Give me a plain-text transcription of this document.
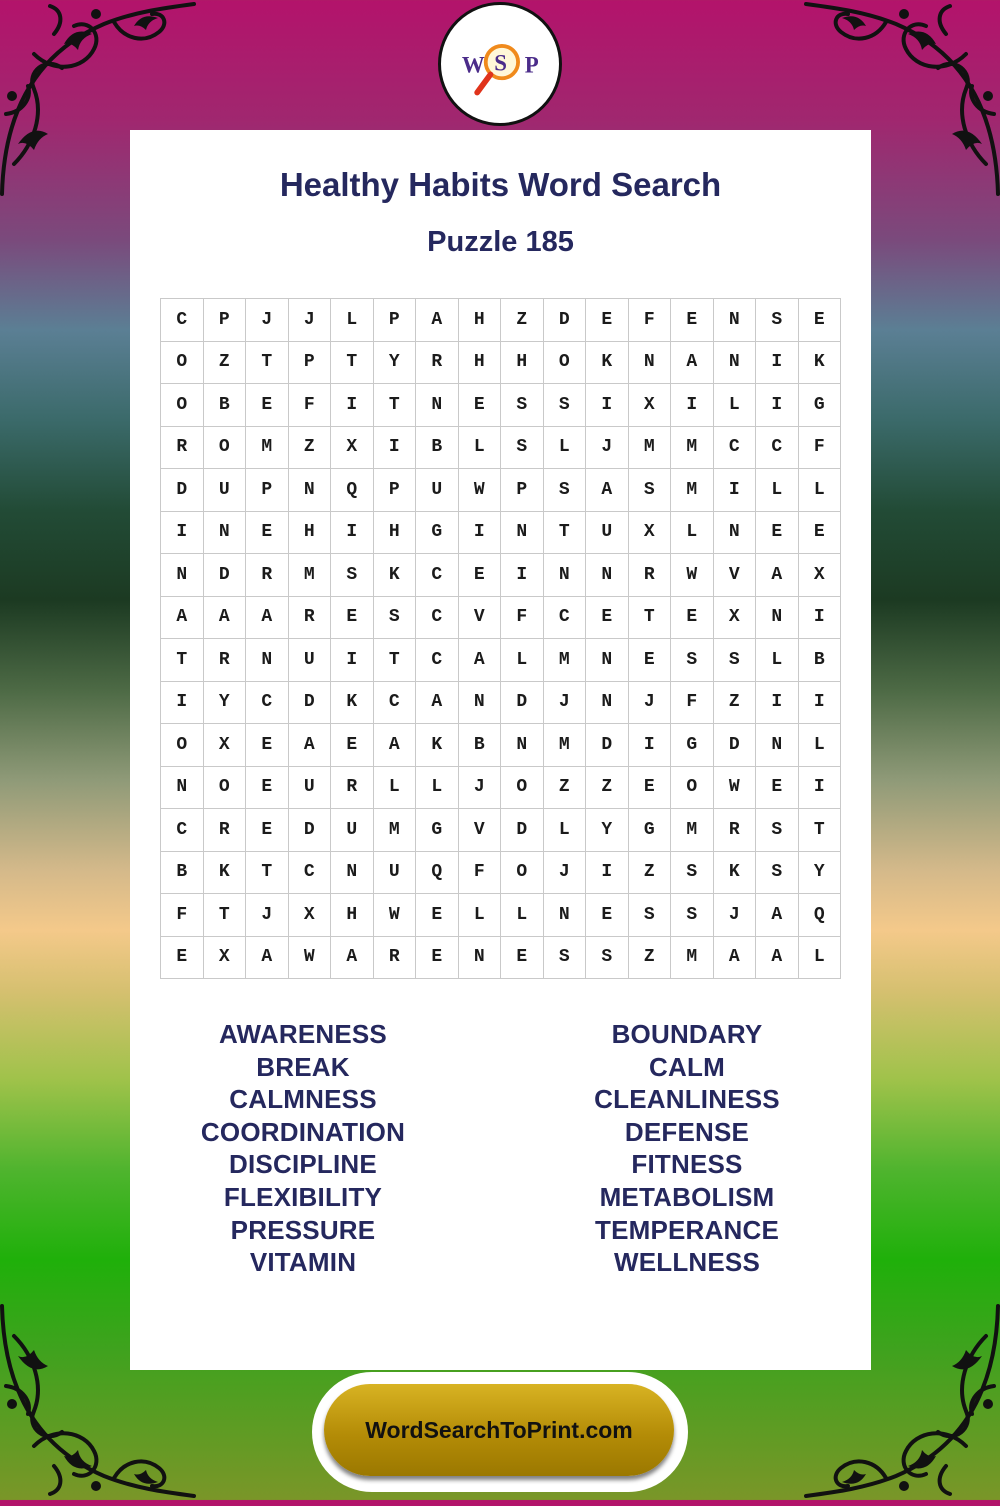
W S P
Healthy Habits Word Search
Puzzle 185
C	P	J	J	L	P	A	H	Z	D	E	F	E	N	S	E
O	Z	T	P	T	Y	R	H	H	O	K	N	A	N	I	K
O	B	E	F	I	T	N	E	S	S	I	X	I	L	I	G
R	O	M	Z	X	I	B	L	S	L	J	M	M	C	C	F
D	U	P	N	Q	P	U	W	P	S	A	S	M	I	L	L
I	N	E	H	I	H	G	I	N	T	U	X	L	N	E	E
N	D	R	M	S	K	C	E	I	N	N	R	W	V	A	X
A	A	A	R	E	S	C	V	F	C	E	T	E	X	N	I
T	R	N	U	I	T	C	A	L	M	N	E	S	S	L	B
I	Y	C	D	K	C	A	N	D	J	N	J	F	Z	I	I
O	X	E	A	E	A	K	B	N	M	D	I	G	D	N	L
N	O	E	U	R	L	L	J	O	Z	Z	E	O	W	E	I
C	R	E	D	U	M	G	V	D	L	Y	G	M	R	S	T
B	K	T	C	N	U	Q	F	O	J	I	Z	S	K	S	Y
F	T	J	X	H	W	E	L	L	N	E	S	S	J	A	Q
E	X	A	W	A	R	E	N	E	S	S	Z	M	A	A	L
AWARENESS
BREAK
CALMNESS
COORDINATION
DISCIPLINE
FLEXIBILITY
PRESSURE
VITAMIN
BOUNDARY
CALM
CLEANLINESS
DEFENSE
FITNESS
METABOLISM
TEMPERANCE
WELLNESS
WordSearchToPrint.com
